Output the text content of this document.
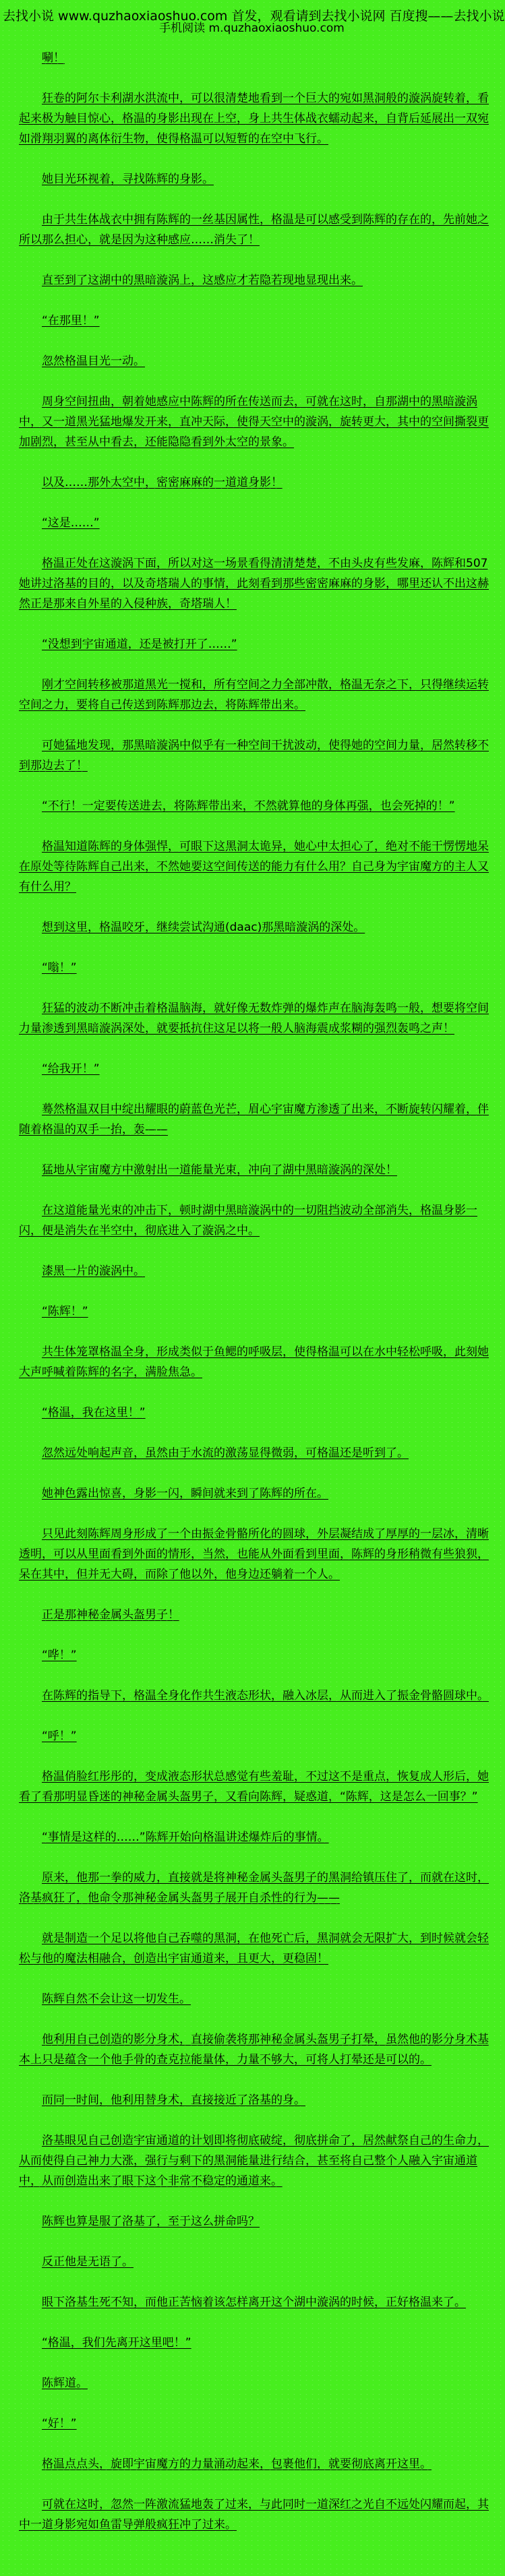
去找小说 www.quzhaoxiaoshuo.com 首发，观看请到去找小说网 百度搜——去找小说
手机阅读 m.quzhaoxiaoshuo.com

唰！

狂卷的阿尔卡利湖水洪流中，可以很清楚地看到一个巨大的宛如黑洞般的漩涡旋转着，看起来极为触目惊心，格温的身影出现在上空，身上共生体战衣蠕动起来，自背后延展出一双宛如滑翔羽翼的离体衍生物，使得格温可以短暂的在空中飞行。

她目光环视着，寻找陈辉的身影。

由于共生体战衣中拥有陈辉的一丝基因属性，格温是可以感受到陈辉的存在的，先前她之所以那么担心，就是因为这种感应……消失了！

直至到了这湖中的黑暗漩涡上，这感应才若隐若现地显现出来。

“在那里！”

忽然格温目光一动。

周身空间扭曲，朝着她感应中陈辉的所在传送而去，可就在这时，自那湖中的黑暗漩涡中，又一道黑光猛地爆发开来，直冲天际，使得天空中的漩涡，旋转更大，其中的空间撕裂更加剧烈，甚至从中看去，还能隐隐看到外太空的景象。

以及……那外太空中，密密麻麻的一道道身影！

“这是……”

格温正处在这漩涡下面，所以对这一场景看得清清楚楚，不由头皮有些发麻，陈辉和507她讲过洛基的目的，以及奇塔瑞人的事情，此刻看到那些密密麻麻的身影，哪里还认不出这赫然正是那来自外星的入侵种族，奇塔瑞人！

“没想到宇宙通道，还是被打开了……”

刚才空间转移被那道黑光一搅和，所有空间之力全部冲散，格温无奈之下，只得继续运转空间之力，要将自己传送到陈辉那边去，将陈辉带出来。

可她猛地发现，那黑暗漩涡中似乎有一种空间干扰波动，使得她的空间力量，居然转移不到那边去了！

“不行！一定要传送进去，将陈辉带出来，不然就算他的身体再强，也会死掉的！”

格温知道陈辉的身体强悍，可眼下这黑洞太诡异，她心中太担心了，绝对不能干愣愣地呆在原处等待陈辉自己出来，不然她要这空间传送的能力有什么用？自己身为宇宙魔方的主人又有什么用？

想到这里，格温咬牙，继续尝试沟通(daac)那黑暗漩涡的深处。

“嗡！”

狂猛的波动不断冲击着格温脑海，就好像无数炸弹的爆炸声在脑海轰鸣一般，想要将空间力量渗透到黑暗漩涡深处，就要抵抗住这足以将一般人脑海震成浆糊的强烈轰鸣之声！

“给我开！”

蓦然格温双目中绽出耀眼的蔚蓝色光芒，眉心宇宙魔方渗透了出来，不断旋转闪耀着，伴随着格温的双手一抬，轰——

猛地从宇宙魔方中激射出一道能量光束，冲向了湖中黑暗漩涡的深处！

在这道能量光束的冲击下，顿时湖中黑暗漩涡中的一切阻挡波动全部消失，格温身影一闪，便是消失在半空中，彻底进入了漩涡之中。

漆黑一片的漩涡中。

“陈辉！”

共生体笼罩格温全身，形成类似于鱼鳃的呼吸层，使得格温可以在水中轻松呼吸，此刻她大声呼喊着陈辉的名字，满脸焦急。

“格温，我在这里！”

忽然远处响起声音，虽然由于水流的激荡显得微弱，可格温还是听到了。

她神色露出惊喜，身影一闪，瞬间就来到了陈辉的所在。

只见此刻陈辉周身形成了一个由振金骨骼所化的圆球，外层凝结成了厚厚的一层冰，清晰透明，可以从里面看到外面的情形，当然，也能从外面看到里面，陈辉的身形稍微有些狼狈，呆在其中，但并无大碍，而除了他以外，他身边还躺着一个人。

正是那神秘金属头盔男子！

“哗！”

在陈辉的指导下，格温全身化作共生液态形状，融入冰层，从而进入了振金骨骼圆球中。

“呼！”

格温俏脸红彤彤的，变成液态形状总感觉有些羞耻，不过这不是重点，恢复成人形后，她看了看那明显昏迷的神秘金属头盔男子，又看向陈辉，疑惑道，“陈辉，这是怎么一回事？”

“事情是这样的……”陈辉开始向格温讲述爆炸后的事情。

原来，他那一拳的威力，直接就是将神秘金属头盔男子的黑洞给镇压住了，而就在这时，洛基疯狂了，他命令那神秘金属头盔男子展开自杀性的行为——

就是制造一个足以将他自己吞噬的黑洞，在他死亡后，黑洞就会无限扩大，到时候就会轻松与他的魔法相融合，创造出宇宙通道来，且更大，更稳固！

陈辉自然不会让这一切发生。

他利用自己创造的影分身术，直接偷袭将那神秘金属头盔男子打晕，虽然他的影分身术基本上只是蕴含一个他手骨的查克拉能量体，力量不够大，可将人打晕还是可以的。

而同一时间，他利用替身术，直接接近了洛基的身。

洛基眼见自己创造宇宙通道的计划即将彻底破绽，彻底拼命了，居然献祭自己的生命力，从而使得自己神力大涨，强行与剩下的黑洞能量进行结合，甚至将自己整个人融入宇宙通道中，从而创造出来了眼下这个非常不稳定的通道来。

陈辉也算是服了洛基了，至于这么拼命吗？

反正他是无语了。

眼下洛基生死不知，而他正苦恼着该怎样离开这个湖中漩涡的时候，正好格温来了。

“格温，我们先离开这里吧！”

陈辉道。

“好！”

格温点点头，旋即宇宙魔方的力量涌动起来，包裹他们，就要彻底离开这里。

可就在这时，忽然一阵激流猛地轰了过来，与此同时一道深红之光自不远处闪耀而起，其中一道身影宛如鱼雷导弹般疯狂冲了过来。
